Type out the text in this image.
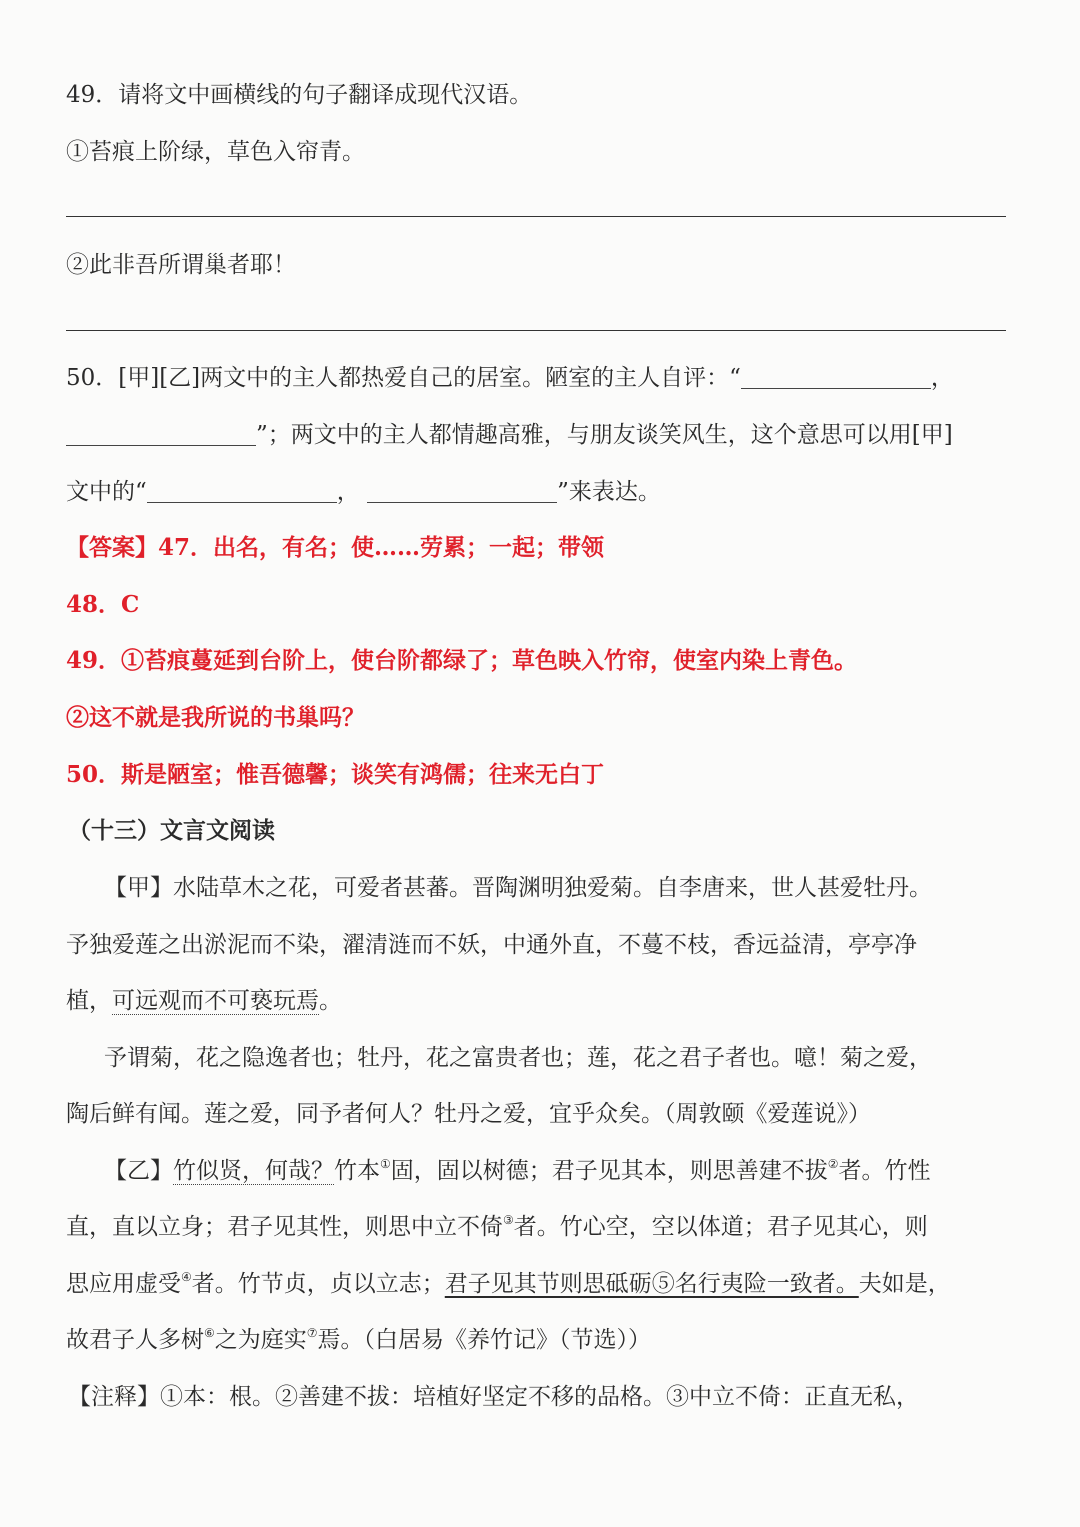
49．请将文中画横线的句子翻译成现代汉语。
①苔痕上阶绿，草色入帘青。
②此非吾所谓巢者耶！
50．[甲][乙]两文中的主人都热爱自己的居室。陋室的主人自评：“	，
”；两文中的主人都情趣高雅，与朋友谈笑风生，这个意思可以用[甲]
文中的“	，	”来表达。
【答案】47．出名，有名；使……劳累；一起；带领
48．C
49．①苔痕蔓延到台阶上，使台阶都绿了；草色映入竹帘，使室内染上青色。
②这不就是我所说的书巢吗？
50．斯是陋室；惟吾德馨；谈笑有鸿儒；往来无白丁
（十三）文言文阅读
【甲】水陆草木之花，可爱者甚蕃。晋陶渊明独爱菊。自李唐来，世人甚爱牡丹。
予独爱莲之出淤泥而不染，濯清涟而不妖，中通外直，不蔓不枝，香远益清，亭亭净
植，可远观而不可亵玩焉。
予谓菊，花之隐逸者也；牡丹，花之富贵者也；莲，花之君子者也。噫！菊之爱，
陶后鲜有闻。莲之爱，同予者何人？牡丹之爱，宜乎众矣。（周敦颐《爱莲说》）
【乙】竹似贤，何哉？竹本①固，固以树德；君子见其本，则思善建不拔②者。竹性
直，直以立身；君子见其性，则思中立不倚③者。竹心空，空以体道；君子见其心，则
思应用虚受④者。竹节贞，贞以立志；君子见其节则思砥砺⑤名行夷险一致者。夫如是，
故君子人多树⑥之为庭实⑦焉。（白居易《养竹记》（节选））
【注释】①本：根。②善建不拔：培植好坚定不移的品格。③中立不倚：正直无私，
